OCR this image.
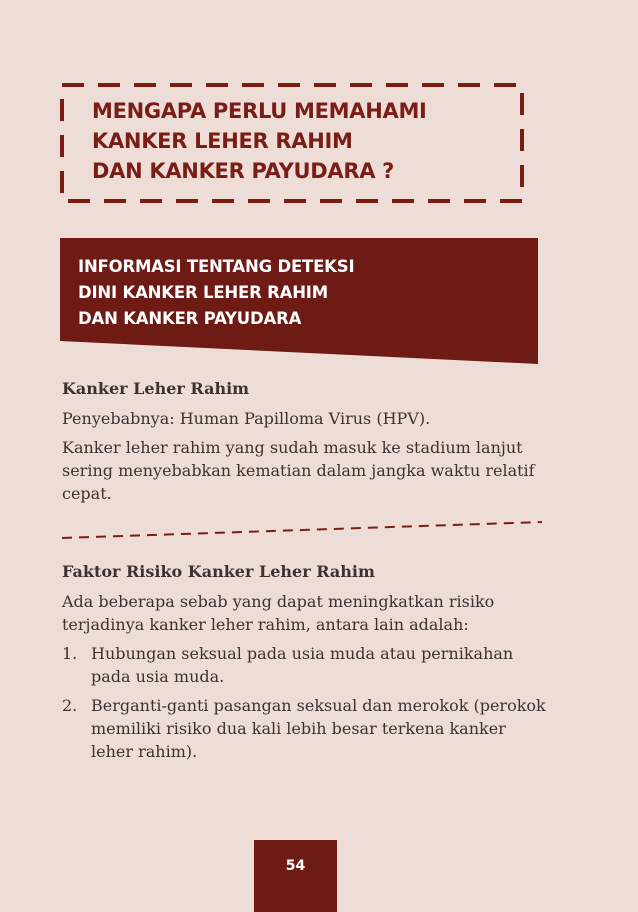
MENGAPA PERLU MEMAHAMI
KANKER LEHER RAHIM
DAN KANKER PAYUDARA ?
INFORMASI TENTANG DETEKSI
DINI KANKER LEHER RAHIM
DAN KANKER PAYUDARA

Kanker Leher Rahim

Penyebabnya: Human Papilloma Virus (HPV).

Kanker leher rahim yang sudah masuk ke stadium lanjut sering menyebabkan kematian dalam jangka waktu relatif cepat.

Faktor Risiko Kanker Leher Rahim

Ada beberapa sebab yang dapat meningkatkan risiko terjadinya kanker leher rahim, antara lain adalah:

1. Hubungan seksual pada usia muda atau pernikahan pada usia muda.
2. Berganti-ganti pasangan seksual dan merokok (perokok memiliki risiko dua kali lebih besar terkena kanker leher rahim).
54
